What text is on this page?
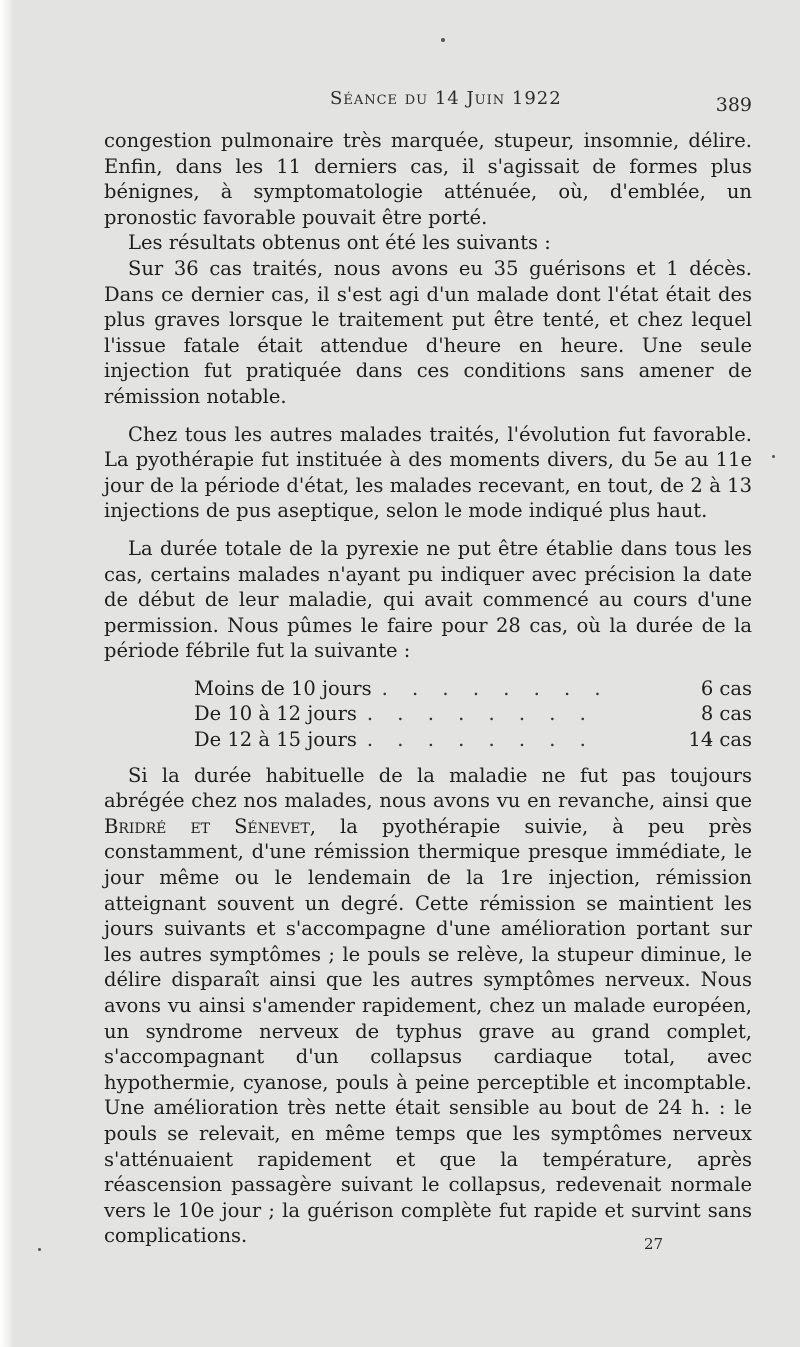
Séance du 14 Juin 1922	389

congestion pulmonaire très marquée, stupeur, insomnie, délire. Enfin, dans les 11 derniers cas, il s'agissait de formes plus bénignes, à symptomatologie atténuée, où, d'emblée, un pronostic favorable pouvait être porté.

Les résultats obtenus ont été les suivants :

Sur 36 cas traités, nous avons eu 35 guérisons et 1 décès. Dans ce dernier cas, il s'est agi d'un malade dont l'état était des plus graves lorsque le traitement put être tenté, et chez lequel l'issue fatale était attendue d'heure en heure. Une seule injection fut pratiquée dans ces conditions sans amener de rémission notable.

Chez tous les autres malades traités, l'évolution fut favorable. La pyothérapie fut instituée à des moments divers, du 5e au 11e jour de la période d'état, les malades recevant, en tout, de 2 à 13 injections de pus aseptique, selon le mode indiqué plus haut.

La durée totale de la pyrexie ne put être établie dans tous les cas, certains malades n'ayant pu indiquer avec précision la date de début de leur maladie, qui avait commencé au cours d'une permission. Nous pûmes le faire pour 28 cas, où la durée de la période fébrile fut la suivante :

Moins de 10 jours . . . . . . . .	6 cas
De 10 à 12 jours . . . . . . . .	8 cas
De 12 à 15 jours . . . . . . . .	14 cas

Si la durée habituelle de la maladie ne fut pas toujours abrégée chez nos malades, nous avons vu en revanche, ainsi que Bridré et Sénevet, la pyothérapie suivie, à peu près constamment, d'une rémission thermique presque immédiate, le jour même ou le lendemain de la 1re injection, rémission atteignant souvent un degré. Cette rémission se maintient les jours suivants et s'accompagne d'une amélioration portant sur les autres symptômes ; le pouls se relève, la stupeur diminue, le délire disparaît ainsi que les autres symptômes nerveux. Nous avons vu ainsi s'amender rapidement, chez un malade européen, un syndrome nerveux de typhus grave au grand complet, s'accompagnant d'un collapsus cardiaque total, avec hypothermie, cyanose, pouls à peine perceptible et incomptable. Une amélioration très nette était sensible au bout de 24 h. : le pouls se relevait, en même temps que les symptômes nerveux s'atténuaient rapidement et que la température, après réascension passagère suivant le collapsus, redevenait normale vers le 10e jour ; la guérison complète fut rapide et survint sans complications.	27
